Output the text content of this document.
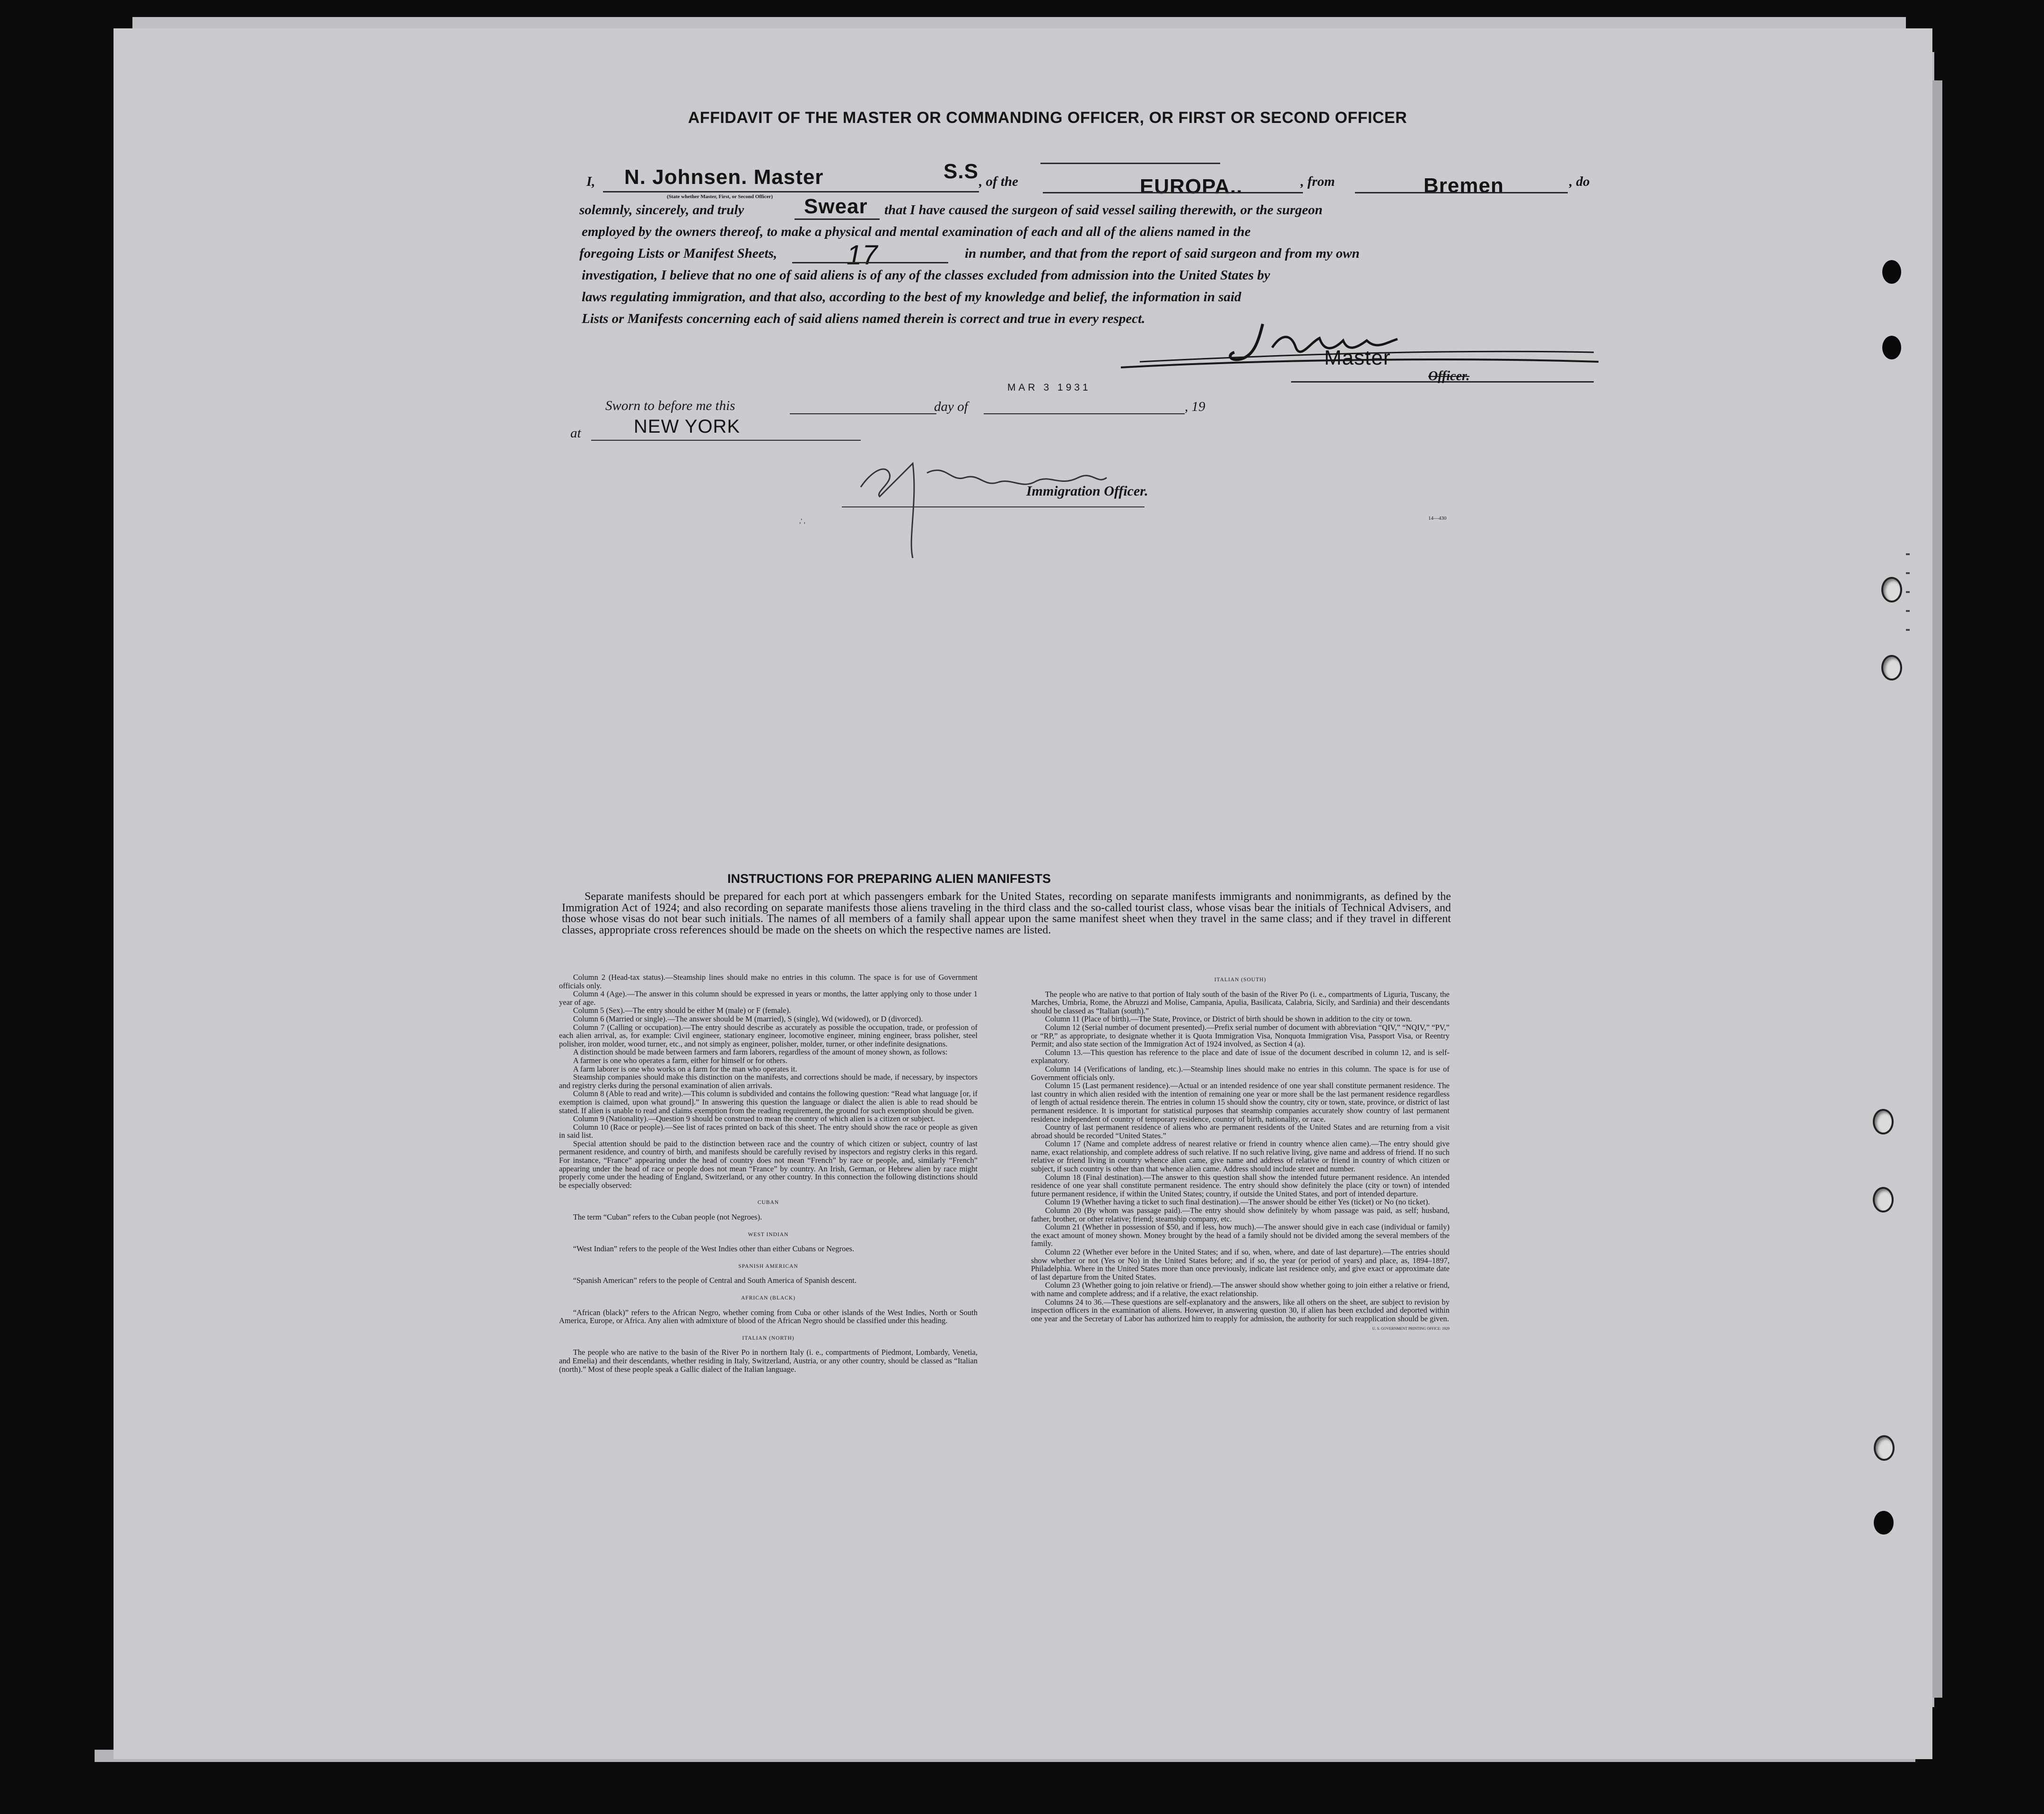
AFFIDAVIT OF THE MASTER OR COMMANDING OFFICER, OR FIRST OR SECOND OFFICER
I, N. Johnsen. Master
(State whether Master, First, or Second Officer)
, of the
S.S
EUROPA..	, from	Bremen	, do
solemnly, sincerely, and truly	Swear that I have caused the surgeon of said vessel sailing therewith, or the surgeon
employed by the owners thereof, to make a physical and mental examination of each and all of the aliens named in the
foregoing Lists or Manifest Sheets,	17	in number, and that from the report of said surgeon and from my own
investigation, I believe that no one of said aliens is of any of the classes excluded from admission into the United States by
laws regulating immigration, and that also, according to the best of my knowledge and belief, the information in said
Lists or Manifests concerning each of said aliens named therein is correct and true in every respect.
Master
Officer.
Sworn to before me this	day of
MAR 3 1931
, 19
at	NEW YORK
Immigration Officer.
14—430
,' ,
INSTRUCTIONS FOR PREPARING ALIEN MANIFESTS

Separate manifests should be prepared for each port at which passengers embark for the United States, recording on separate manifests immigrants and nonimmigrants, as defined by the Immigration Act of 1924; and also recording on separate manifests those aliens traveling in the third class and the so-called tourist class, whose visas bear the initials of Technical Advisers, and those whose visas do not bear such initials. The names of all members of a family shall appear upon the same manifest sheet when they travel in the same class; and if they travel in different classes, appropriate cross references should be made on the sheets on which the respective names are listed.

Column 2 (Head-tax status).—Steamship lines should make no entries in this column. The space is for use of Government officials only.

Column 4 (Age).—The answer in this column should be expressed in years or months, the latter applying only to those under 1 year of age.

Column 5 (Sex).—The entry should be either M (male) or F (female).

Column 6 (Married or single).—The answer should be M (married), S (single), Wd (widowed), or D (divorced).

Column 7 (Calling or occupation).—The entry should describe as accurately as possible the occupation, trade, or profession of each alien arrival, as, for example: Civil engineer, stationary engineer, locomotive engineer, mining engineer, brass polisher, steel polisher, iron molder, wood turner, etc., and not simply as engineer, polisher, molder, turner, or other indefinite designations.

A distinction should be made between farmers and farm laborers, regardless of the amount of money shown, as follows:

A farmer is one who operates a farm, either for himself or for others.

A farm laborer is one who works on a farm for the man who operates it.

Steamship companies should make this distinction on the manifests, and corrections should be made, if necessary, by inspectors and registry clerks during the personal examination of alien arrivals.

Column 8 (Able to read and write).—This column is subdivided and contains the following question: “Read what language [or, if exemption is claimed, upon what ground].” In answering this question the language or dialect the alien is able to read should be stated. If alien is unable to read and claims exemption from the reading requirement, the ground for such exemption should be given.

Column 9 (Nationality).—Question 9 should be construed to mean the country of which alien is a citizen or subject.

Column 10 (Race or people).—See list of races printed on back of this sheet. The entry should show the race or people as given in said list.

Special attention should be paid to the distinction between race and the country of which citizen or subject, country of last permanent residence, and country of birth, and manifests should be carefully revised by inspectors and registry clerks in this regard. For instance, “France” appearing under the head of country does not mean “French” by race or people, and, similarly “French” appearing under the head of race or people does not mean “France” by country. An Irish, German, or Hebrew alien by race might properly come under the heading of England, Switzerland, or any other country. In this connection the following distinctions should be especially observed:

CUBAN

The term “Cuban” refers to the Cuban people (not Negroes).

WEST INDIAN

“West Indian” refers to the people of the West Indies other than either Cubans or Negroes.

SPANISH AMERICAN

“Spanish American” refers to the people of Central and South America of Spanish descent.

AFRICAN (BLACK)

“African (black)” refers to the African Negro, whether coming from Cuba or other islands of the West Indies, North or South America, Europe, or Africa. Any alien with admixture of blood of the African Negro should be classified under this heading.

ITALIAN (NORTH)

The people who are native to the basin of the River Po in northern Italy (i. e., compartments of Piedmont, Lombardy, Venetia, and Emelia) and their descendants, whether residing in Italy, Switzerland, Austria, or any other country, should be classed as “Italian (north).” Most of these people speak a Gallic dialect of the Italian language.

ITALIAN (SOUTH)

The people who are native to that portion of Italy south of the basin of the River Po (i. e., compartments of Liguria, Tuscany, the Marches, Umbria, Rome, the Abruzzi and Molise, Campania, Apulia, Basilicata, Calabria, Sicily, and Sardinia) and their descendants should be classed as “Italian (south).”

Column 11 (Place of birth).—The State, Province, or District of birth should be shown in addition to the city or town.

Column 12 (Serial number of document presented).—Prefix serial number of document with abbreviation “QIV,” “NQIV,” “PV,” or “RP,” as appropriate, to designate whether it is Quota Immigration Visa, Nonquota Immigration Visa, Passport Visa, or Reentry Permit; and also state section of the Immigration Act of 1924 involved, as Section 4 (a).

Column 13.—This question has reference to the place and date of issue of the document described in column 12, and is self-explanatory.

Column 14 (Verifications of landing, etc.).—Steamship lines should make no entries in this column. The space is for use of Government officials only.

Column 15 (Last permanent residence).—Actual or an intended residence of one year shall constitute permanent residence. The last country in which alien resided with the intention of remaining one year or more shall be the last permanent residence regardless of length of actual residence therein. The entries in column 15 should show the country, city or town, state, province, or district of last permanent residence. It is important for statistical purposes that steamship companies accurately show country of last permanent residence independent of country of temporary residence, country of birth, nationality, or race.

Country of last permanent residence of aliens who are permanent residents of the United States and are returning from a visit abroad should be recorded “United States.”

Column 17 (Name and complete address of nearest relative or friend in country whence alien came).—The entry should give name, exact relationship, and complete address of such relative. If no such relative living, give name and address of friend. If no such relative or friend living in country whence alien came, give name and address of relative or friend in country of which citizen or subject, if such country is other than that whence alien came. Address should include street and number.

Column 18 (Final destination).—The answer to this question shall show the intended future permanent residence. An intended residence of one year shall constitute permanent residence. The entry should show definitely the place (city or town) of intended future permanent residence, if within the United States; country, if outside the United States, and port of intended departure.

Column 19 (Whether having a ticket to such final destination).—The answer should be either Yes (ticket) or No (no ticket).

Column 20 (By whom was passage paid).—The entry should show definitely by whom passage was paid, as self; husband, father, brother, or other relative; friend; steamship company, etc.

Column 21 (Whether in possession of $50, and if less, how much).—The answer should give in each case (individual or family) the exact amount of money shown. Money brought by the head of a family should not be divided among the several members of the family.

Column 22 (Whether ever before in the United States; and if so, when, where, and date of last departure).—The entries should show whether or not (Yes or No) in the United States before; and if so, the year (or period of years) and place, as, 1894–1897, Philadelphia. Where in the United States more than once previously, indicate last residence only, and give exact or approximate date of last departure from the United States.

Column 23 (Whether going to join relative or friend).—The answer should show whether going to join either a relative or friend, with name and complete address; and if a relative, the exact relationship.

Columns 24 to 36.—These questions are self-explanatory and the answers, like all others on the sheet, are subject to revision by inspection officers in the examination of aliens. However, in answering question 30, if alien has been excluded and deported within one year and the Secretary of Labor has authorized him to reapply for admission, the authority for such reapplication should be given.

U. S. GOVERNMENT PRINTING OFFICE: 1929
